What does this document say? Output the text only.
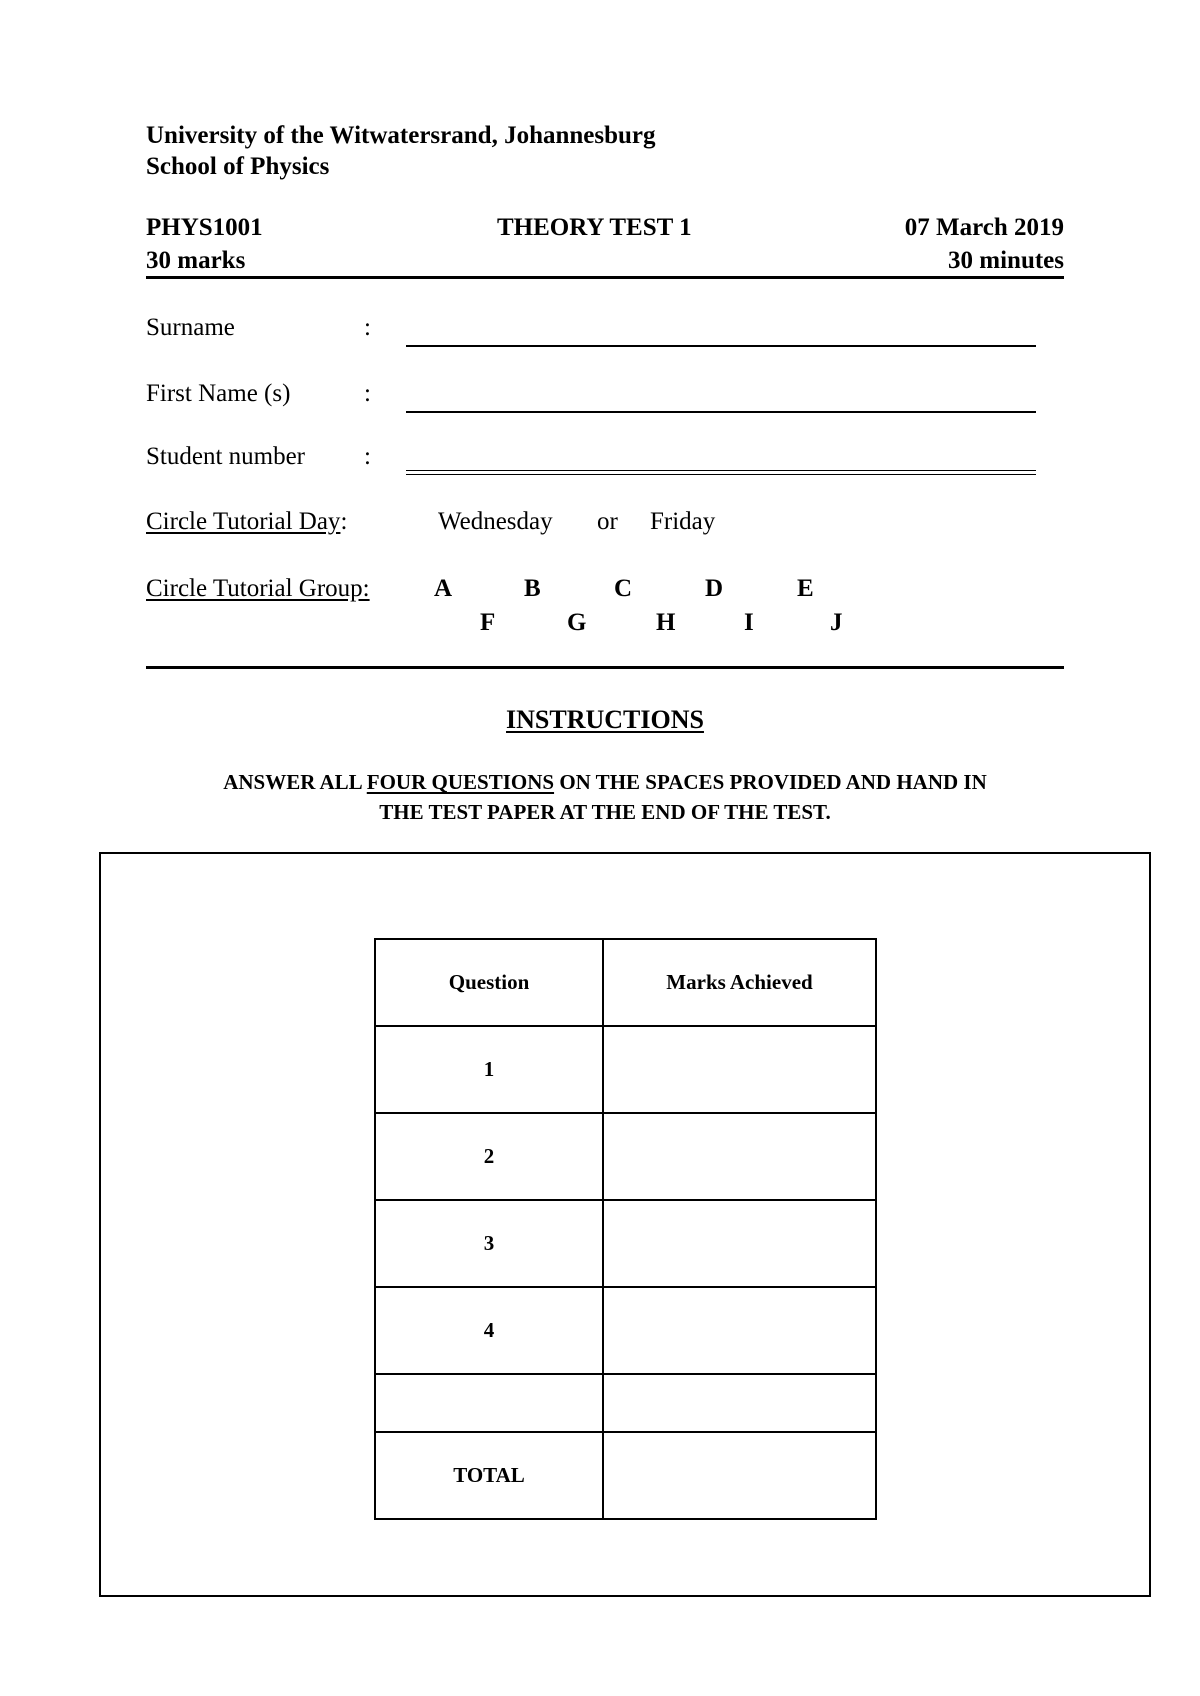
University of the Witwatersrand, Johannesburg
School of Physics
PHYS1001	THEORY TEST 1	07 March 2019
30 marks	30 minutes
Surname	:
First Name (s)	:
Student number :
Circle Tutorial Day:	Wednesday or Friday
Circle Tutorial Group:	A	B	C	D	E
F	G	H	I	J
INSTRUCTIONS
ANSWER ALL FOUR QUESTIONS ON THE SPACES PROVIDED AND HAND IN
THE TEST PAPER AT THE END OF THE TEST.
Question	Marks Achieved
1	
2	
3	
4	

TOTAL	
